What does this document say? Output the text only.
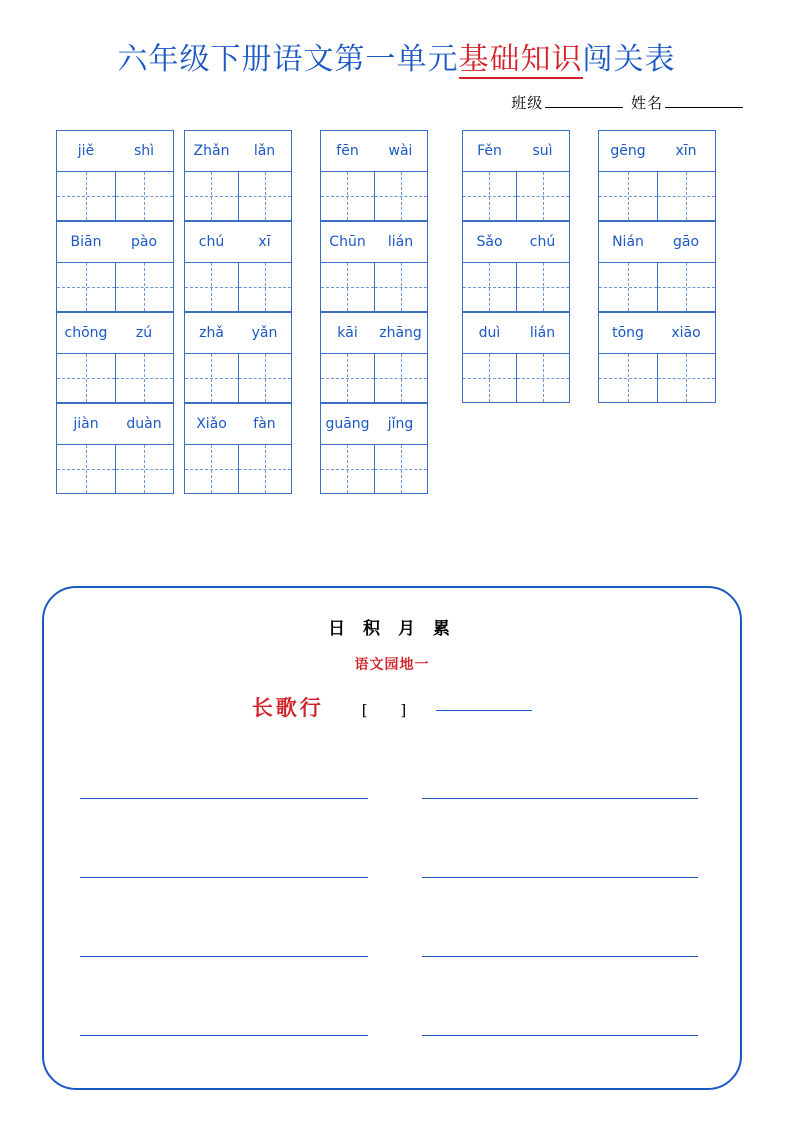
六年级下册语文第一单元基础知识闯关表
班级	姓名
jiě	shì
Biān	pào
chōng	zú
jiàn	duàn
Zhǎn	lǎn
chú	xī
zhǎ	yǎn
Xiǎo	fàn
fēn	wài
Chūn	lián
kāi	zhāng
guāng	jǐng
Fěn	suì
Sǎo	chú
duì	lián
gēng	xīn
Nián	gāo
tōng	xiāo
日 积 月 累
语文园地一
长歌行	[ ]
